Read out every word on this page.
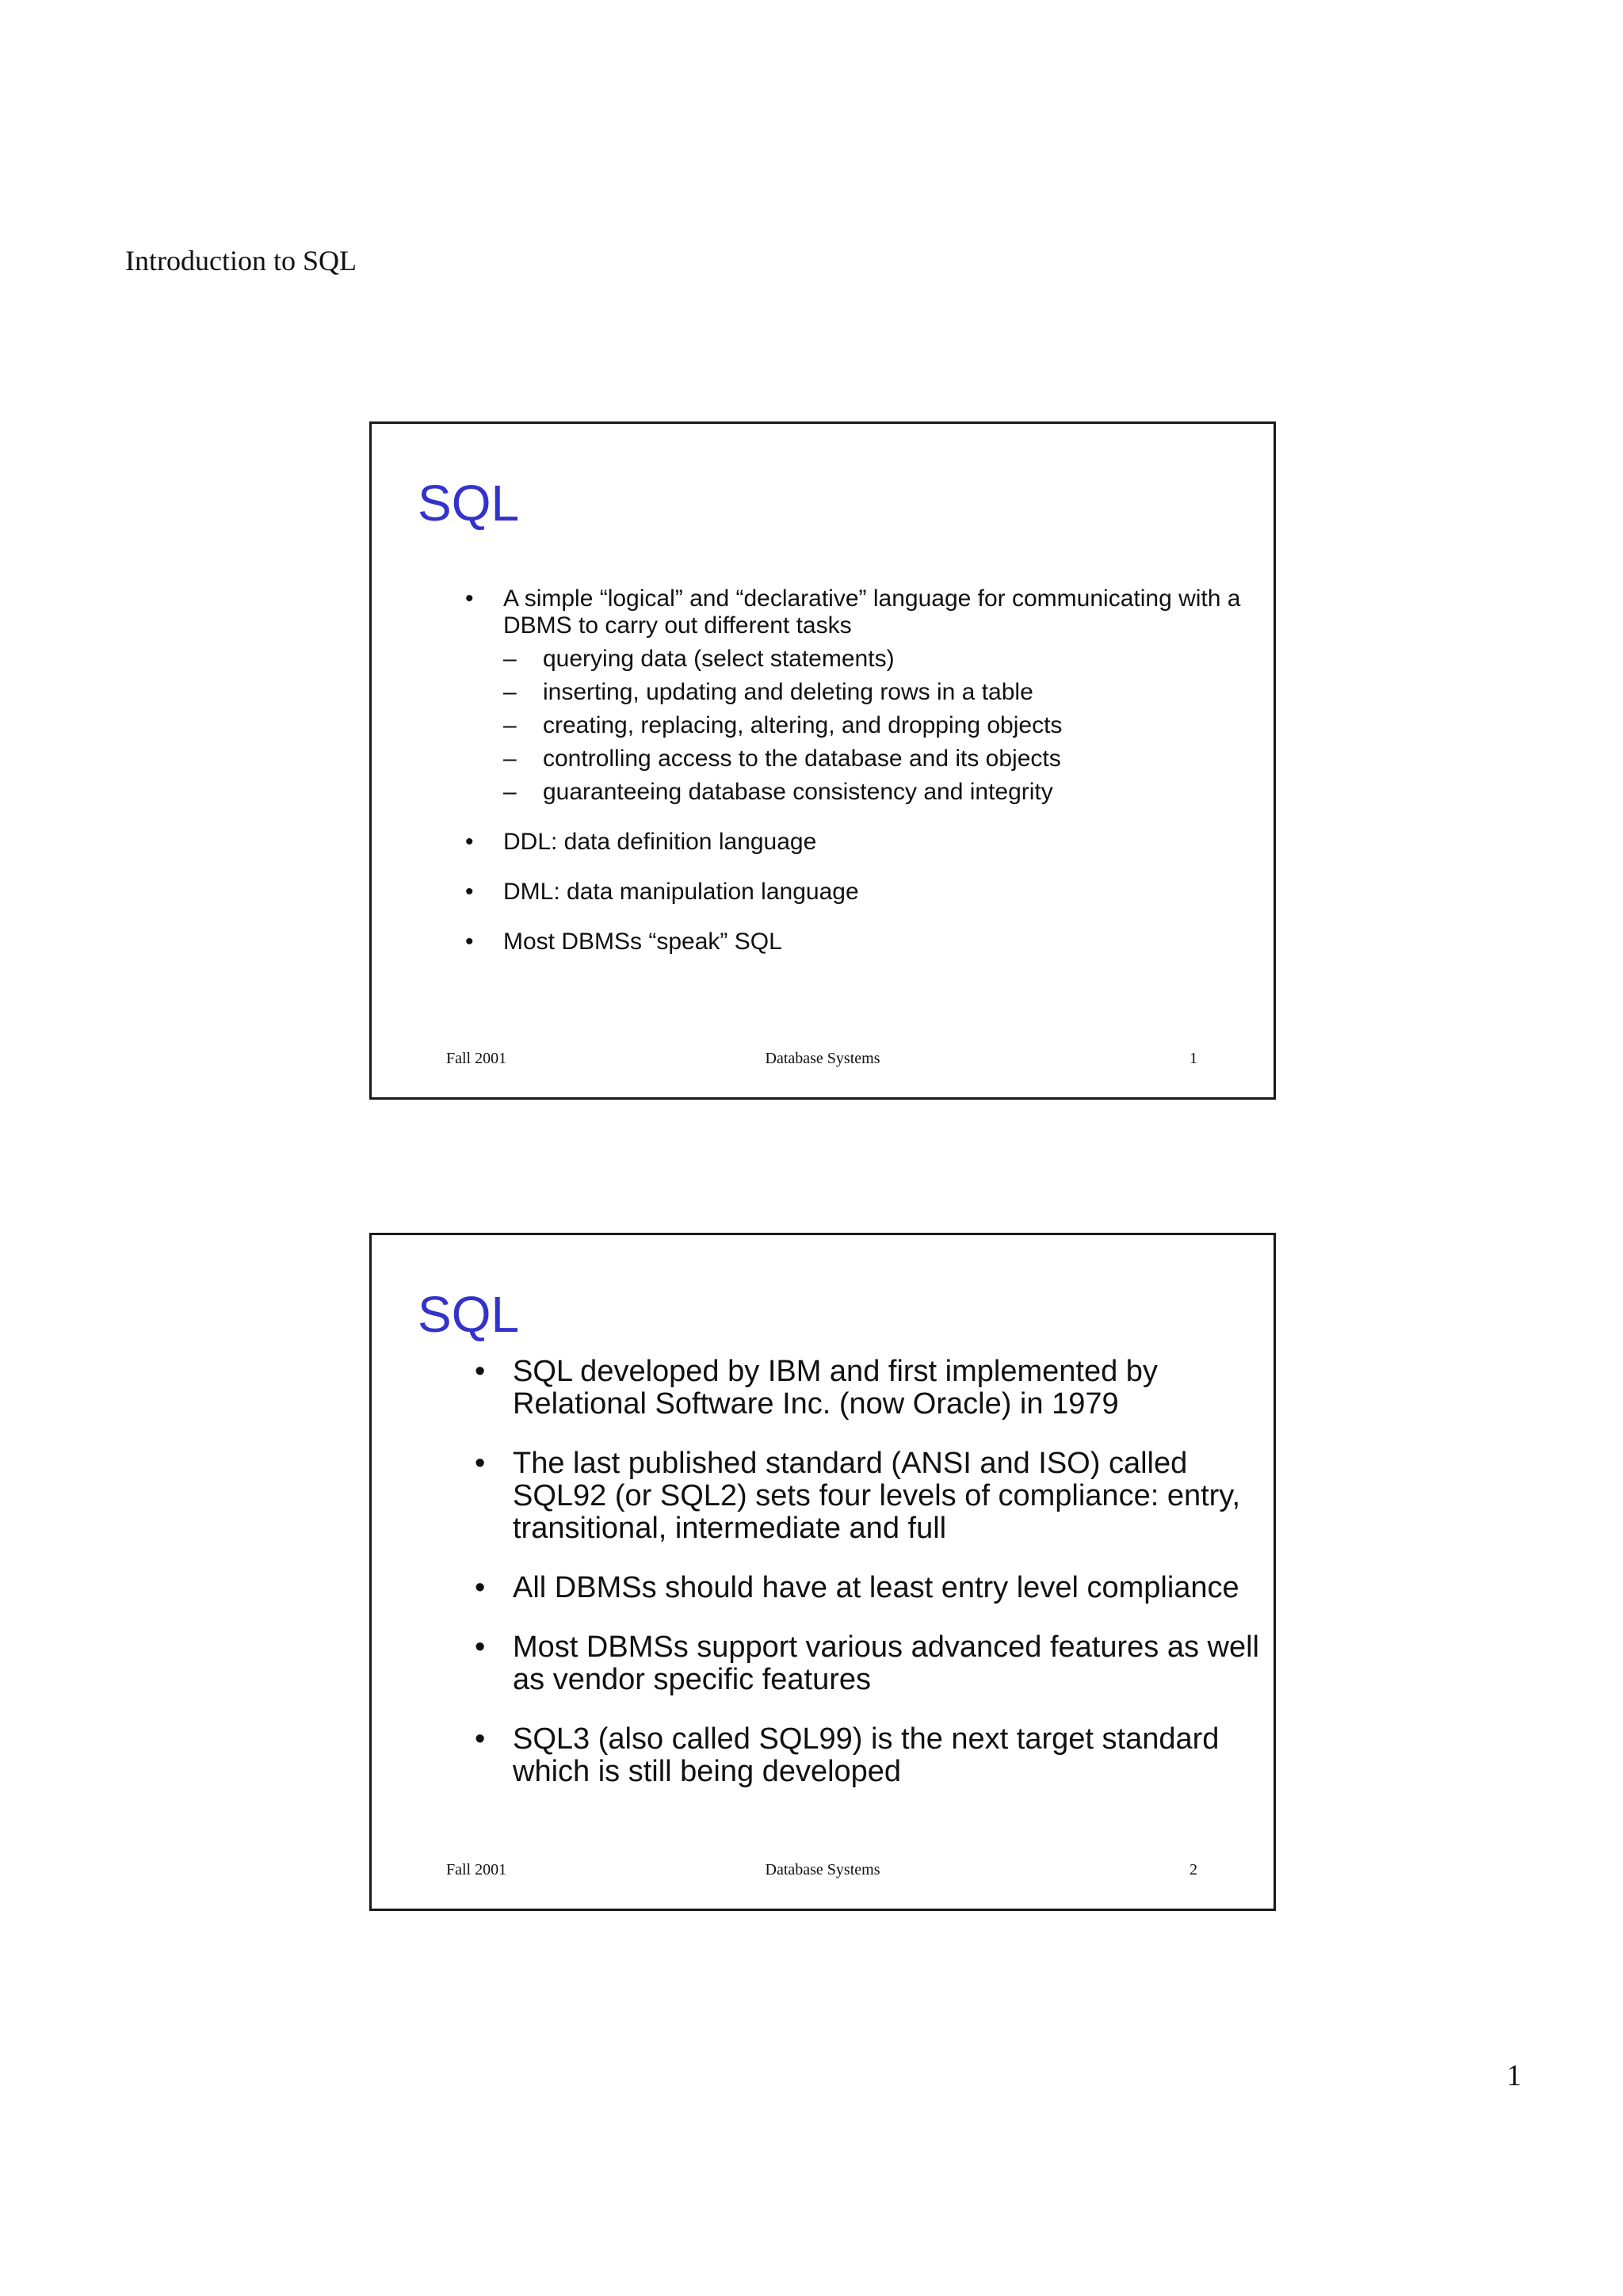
Introduction to SQL
SQL
• A simple “logical” and “declarative” language for communicating with a DBMS to carry out different tasks
– querying data (select statements)
– inserting, updating and deleting rows in a table
– creating, replacing, altering, and dropping objects
– controlling access to the database and its objects
– guaranteeing database consistency and integrity
• DDL: data definition language
• DML: data manipulation language
• Most DBMSs “speak” SQL
Fall 2001	Database Systems	1
SQL
• SQL developed by IBM and first implemented by Relational Software Inc. (now Oracle) in 1979
• The last published standard (ANSI and ISO) called SQL92 (or SQL2) sets four levels of compliance: entry, transitional, intermediate and full
• All DBMSs should have at least entry level compliance
• Most DBMSs support various advanced features as well as vendor specific features
• SQL3 (also called SQL99) is the next target standard which is still being developed
Fall 2001	Database Systems	2
1
